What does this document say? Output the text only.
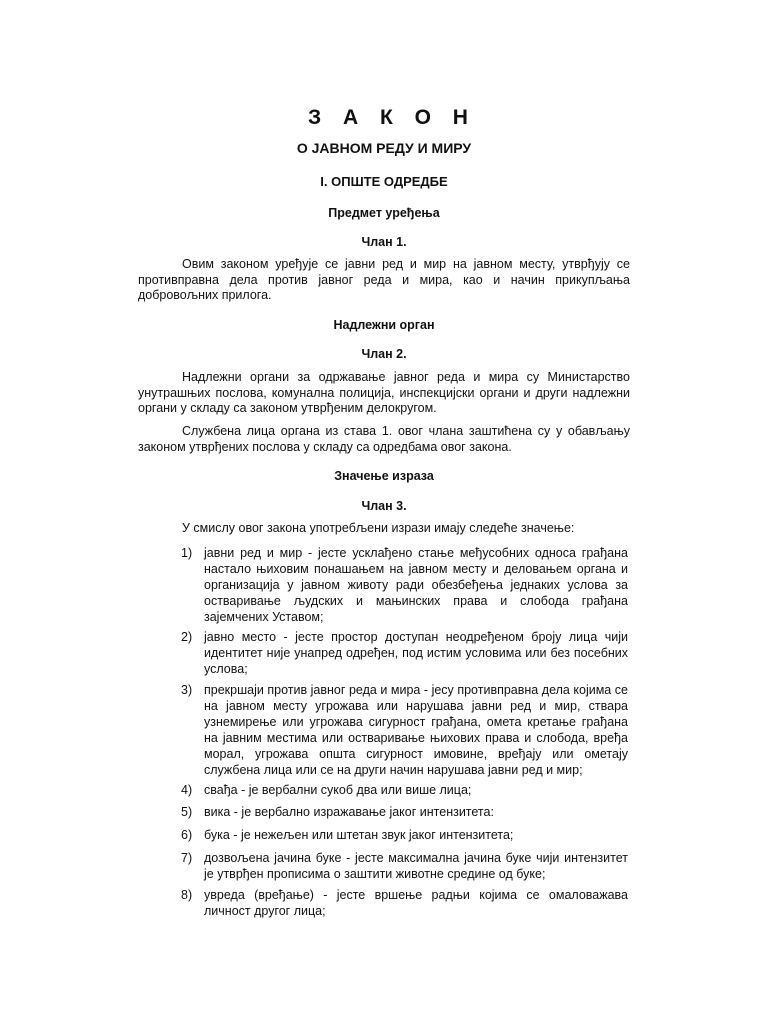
З А К О Н
О ЈАВНОМ РЕДУ И МИРУ
I. ОПШТЕ ОДРЕДБЕ
Предмет уређења
Члан 1.

Овим законом уређује се јавни ред и мир на јавном месту, утврђују се противправна дела против јавног реда и мира, као и начин прикупљања добровољних прилога.

Надлежни орган
Члан 2.

Надлежни органи за одржавање јавног реда и мира су Министарство унутрашњих послова, комунална полиција, инспекцијски органи и други надлежни органи у складу са законом утврђеним делокругом.

Службена лица органа из става 1. овог члана заштићена су у обављању законом утврђених послова у складу са одредбама овог закона.

Значење израза
Члан 3.

У смислу овог закона употребљени изрази имају следеће значење:

1) јавни ред и мир - јесте усклађено стање међусобних односа грађана настало њиховим понашањем на јавном месту и деловањем органа и организација у јавном животу ради обезбеђења једнаких услова за остваривање људских и мањинских права и слобода грађана зајемчених Уставом;

2) јавно место - јесте простор доступан неодређеном броју лица чији идентитет није унапред одређен, под истим условима или без посебних услова;

3) прекршаји против јавног реда и мира - јесу противправна дела којима се на јавном месту угрожава или нарушава јавни ред и мир, ствара узнемирење или угрожава сигурност грађана, омета кретање грађана на јавним местима или остваривање њихових права и слобода, вређа морал, угрожава општа сигурност имовине, вређају или ометају службена лица или се на други начин нарушава јавни ред и мир;

4) свађа - је вербални сукоб два или више лица;

5) вика - је вербално изражавање јаког интензитета:

6) бука - је нежељен или штетан звук јаког интензитета;

7) дозвољена јачина буке - јесте максимална јачина буке чији интензитет је утврђен прописима о заштити животне средине од буке;

8) увреда (вређање) - јесте вршење радњи којима се омаловажава личност другог лица;
